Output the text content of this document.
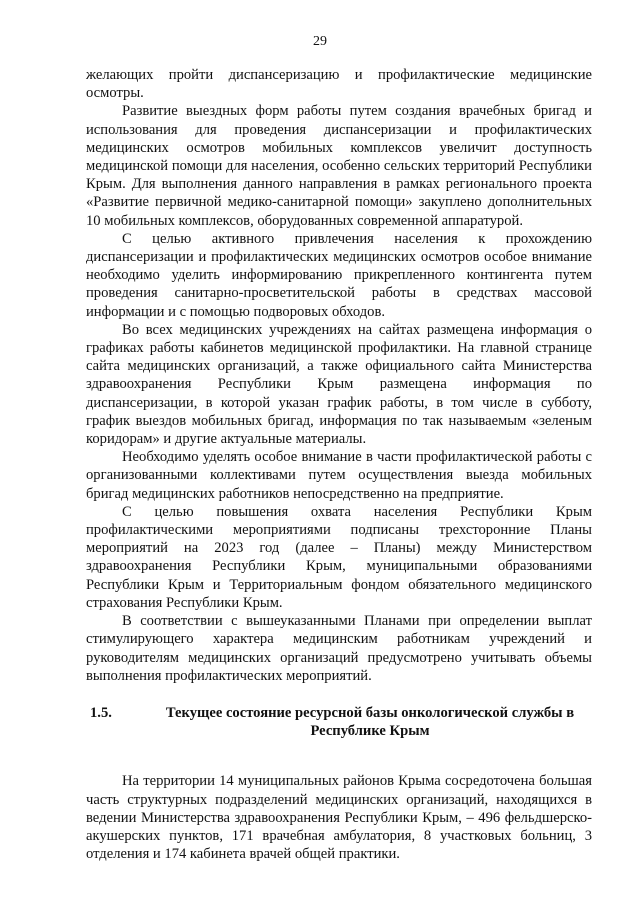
29

желающих пройти диспансеризацию и профилактические медицинские осмотры.

Развитие выездных форм работы путем создания врачебных бригад и использования для проведения диспансеризации и профилактических медицинских осмотров мобильных комплексов увеличит доступность медицинской помощи для населения, особенно сельских территорий Республики Крым. Для выполнения данного направления в рамках регионального проекта «Развитие первичной медико-санитарной помощи» закуплено дополнительных 10 мобильных комплексов, оборудованных современной аппаратурой.

С целью активного привлечения населения к прохождению диспансеризации и профилактических медицинских осмотров особое внимание необходимо уделить информированию прикрепленного контингента путем проведения санитарно-просветительской работы в средствах массовой информации и с помощью подворовых обходов.

Во всех медицинских учреждениях на сайтах размещена информация о графиках работы кабинетов медицинской профилактики. На главной странице сайта медицинских организаций, а также официального сайта Министерства здравоохранения Республики Крым размещена информация по диспансеризации, в которой указан график работы, в том числе в субботу, график выездов мобильных бригад, информация по так называемым «зеленым коридорам» и другие актуальные материалы.

Необходимо уделять особое внимание в части профилактической работы с организованными коллективами путем осуществления выезда мобильных бригад медицинских работников непосредственно на предприятие.

С целью повышения охвата населения Республики Крым профилактическими мероприятиями подписаны трехсторонние Планы мероприятий на 2023 год (далее – Планы) между Министерством здравоохранения Республики Крым, муниципальными образованиями Республики Крым и Территориальным фондом обязательного медицинского страхования Республики Крым.

В соответствии с вышеуказанными Планами при определении выплат стимулирующего характера медицинским работникам учреждений и руководителям медицинских организаций предусмотрено учитывать объемы выполнения профилактических мероприятий.

1.5.	Текущее состояние ресурсной базы онкологической службы в Республике Крым

На территории 14 муниципальных районов Крыма сосредоточена большая часть структурных подразделений медицинских организаций, находящихся в ведении Министерства здравоохранения Республики Крым, – 496 фельдшерско-акушерских пунктов, 171 врачебная амбулатория, 8 участковых больниц, 3 отделения и 174 кабинета врачей общей практики.
